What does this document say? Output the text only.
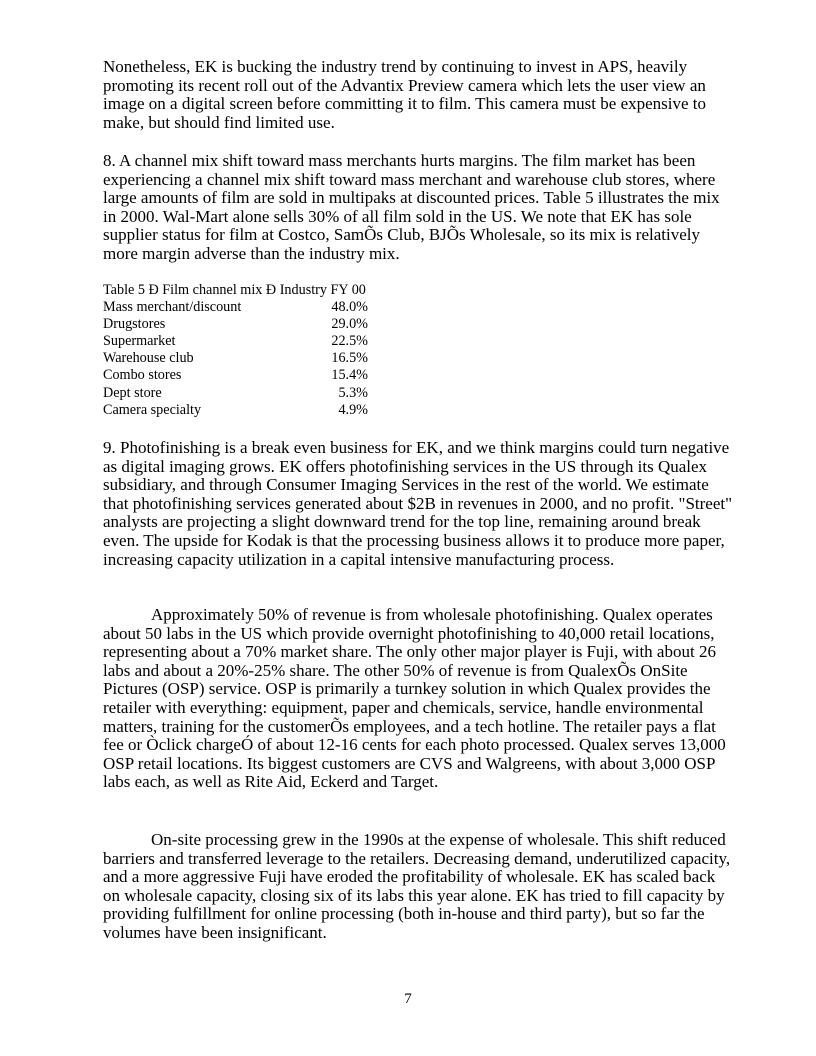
Nonetheless, EK is bucking the industry trend by continuing to invest in APS, heavily promoting its recent roll out of the Advantix Preview camera which lets the user view an image on a digital screen before committing it to film. This camera must be expensive to make, but should find limited use.

8. A channel mix shift toward mass merchants hurts margins. The film market has been experiencing a channel mix shift toward mass merchant and warehouse club stores, where large amounts of film are sold in multipaks at discounted prices. Table 5 illustrates the mix in 2000. Wal-Mart alone sells 30% of all film sold in the US. We note that EK has sole supplier status for film at Costco, SamÕs Club, BJÕs Wholesale, so its mix is relatively more margin adverse than the industry mix.

Table 5 Ð Film channel mix Ð Industry FY 00
Mass merchant/discount	48.0%
Drugstores	29.0%
Supermarket	22.5%
Warehouse club	16.5%
Combo stores	15.4%
Dept store	5.3%
Camera specialty	4.9%

9. Photofinishing is a break even business for EK, and we think margins could turn negative as digital imaging grows. EK offers photofinishing services in the US through its Qualex subsidiary, and through Consumer Imaging Services in the rest of the world. We estimate that photofinishing services generated about $2B in revenues in 2000, and no profit. "Street" analysts are projecting a slight downward trend for the top line, remaining around break even. The upside for Kodak is that the processing business allows it to produce more paper, increasing capacity utilization in a capital intensive manufacturing process.

Approximately 50% of revenue is from wholesale photofinishing. Qualex operates about 50 labs in the US which provide overnight photofinishing to 40,000 retail locations, representing about a 70% market share. The only other major player is Fuji, with about 26 labs and about a 20%-25% share. The other 50% of revenue is from QualexÕs OnSite Pictures (OSP) service. OSP is primarily a turnkey solution in which Qualex provides the retailer with everything: equipment, paper and chemicals, service, handle environmental matters, training for the customerÕs employees, and a tech hotline. The retailer pays a flat fee or Òclick chargeÓ of about 12-16 cents for each photo processed. Qualex serves 13,000 OSP retail locations. Its biggest customers are CVS and Walgreens, with about 3,000 OSP labs each, as well as Rite Aid, Eckerd and Target.

On-site processing grew in the 1990s at the expense of wholesale. This shift reduced barriers and transferred leverage to the retailers. Decreasing demand, underutilized capacity, and a more aggressive Fuji have eroded the profitability of wholesale. EK has scaled back on wholesale capacity, closing six of its labs this year alone. EK has tried to fill capacity by providing fulfillment for online processing (both in-house and third party), but so far the volumes have been insignificant.

7
